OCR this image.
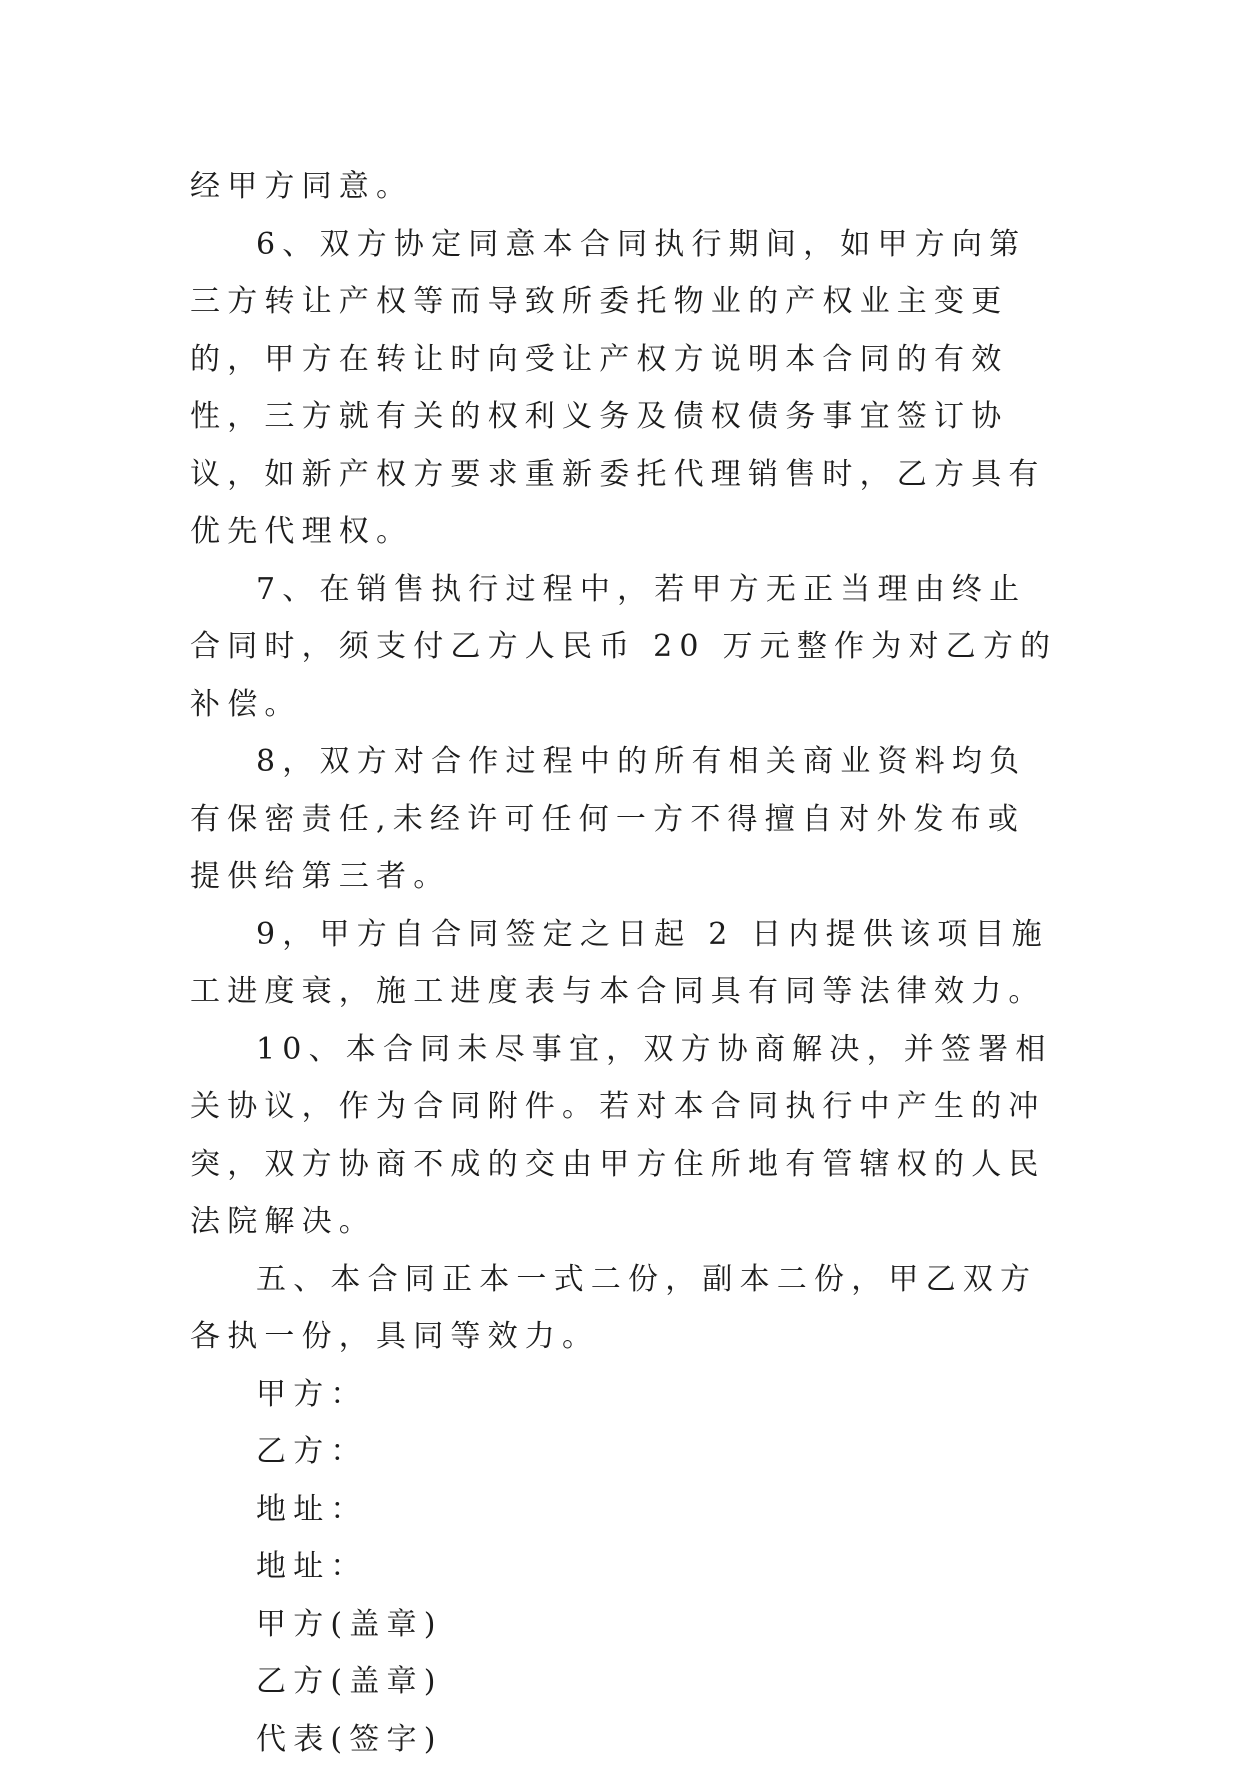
经甲方同意。

6、双方协定同意本合同执行期间，如甲方向第三方转让产权等而导致所委托物业的产权业主变更的，甲方在转让时向受让产权方说明本合同的有效性，三方就有关的权利义务及债权债务事宜签订协议，如新产权方要求重新委托代理销售时，乙方具有优先代理权。

7、在销售执行过程中，若甲方无正当理由终止合同时，须支付乙方人民币 20 万元整作为对乙方的补偿。

8，双方对合作过程中的所有相关商业资料均负有保密责任,未经许可任何一方不得擅自对外发布或提供给第三者。

9，甲方自合同签定之日起 2 日内提供该项目施工进度衰，施工进度表与本合同具有同等法律效力。

10、本合同未尽事宜，双方协商解决，并签署相关协议，作为合同附件。若对本合同执行中产生的冲突，双方协商不成的交由甲方住所地有管辖权的人民法院解决。

五、本合同正本一式二份，副本二份，甲乙双方各执一份，具同等效力。

甲方：

乙方：

地址：

地址：

甲方(盖章)

乙方(盖章)

代表(签字)
